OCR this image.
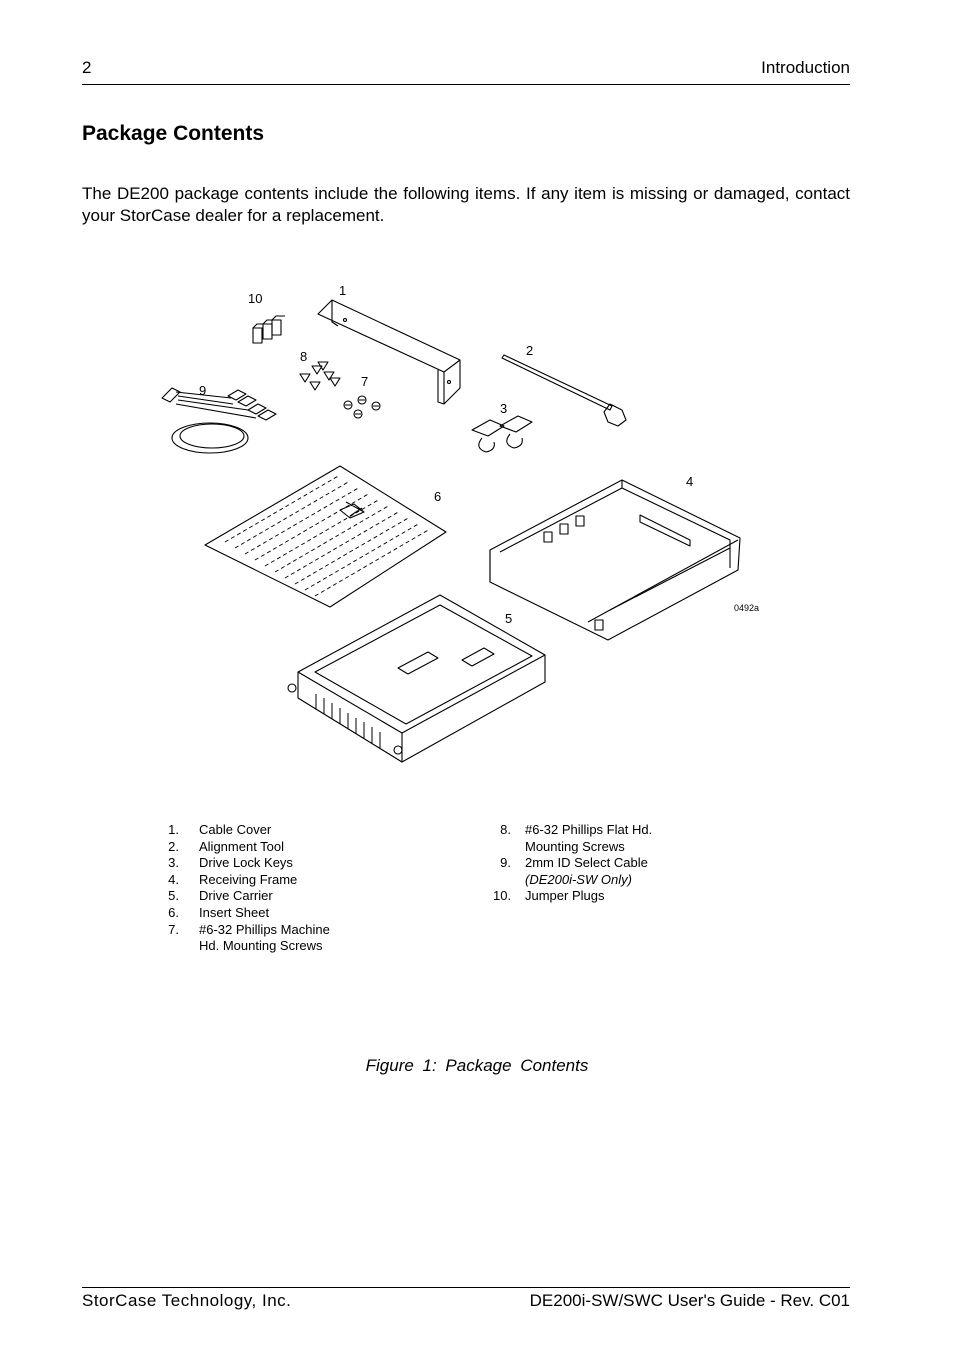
2	Introduction
Package Contents

The DE200 package contents include the following items. If any item is missing or damaged, contact your StorCase dealer for a replacement.

10
1
2
3
4
5
6
7
8
9
0492a
1. Cable Cover
2. Alignment Tool
3. Drive Lock Keys
4. Receiving Frame
5. Drive Carrier
6. Insert Sheet
7. #6-32 Phillips Machine
Hd. Mounting Screws
8. #6-32 Phillips Flat Hd.
Mounting Screws
9. 2mm ID Select Cable
(DE200i-SW Only)
10. Jumper Plugs
Figure 1: Package Contents
StorCase Technology, Inc.	DE200i-SW/SWC User's Guide - Rev. C01
